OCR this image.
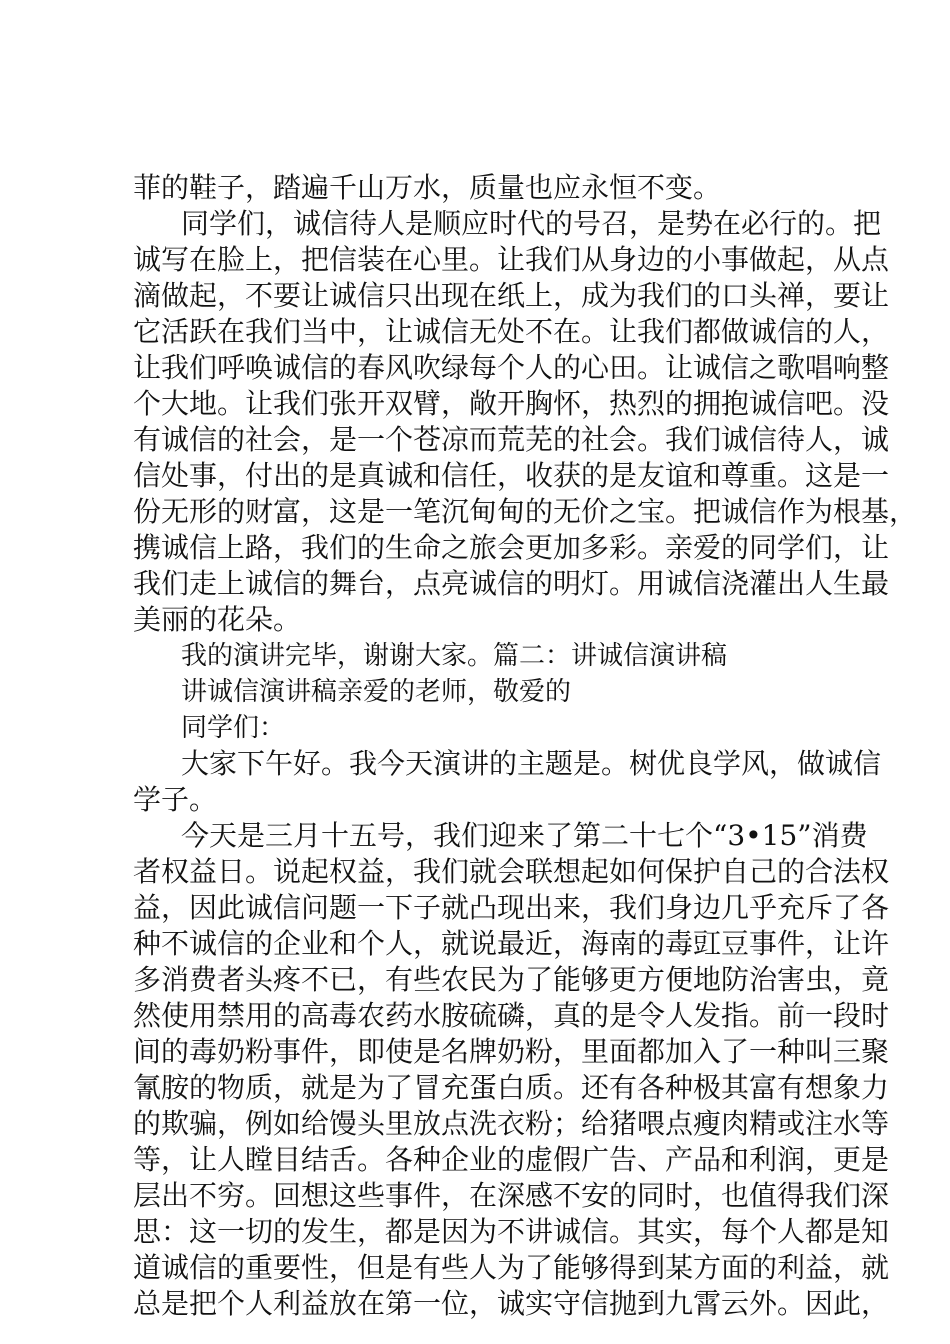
菲的鞋子，踏遍千山万水，质量也应永恒不变。
同学们，诚信待人是顺应时代的号召，是势在必行的。把
诚写在脸上，把信装在心里。让我们从身边的小事做起，从点
滴做起，不要让诚信只出现在纸上，成为我们的口头禅，要让
它活跃在我们当中，让诚信无处不在。让我们都做诚信的人，
让我们呼唤诚信的春风吹绿每个人的心田。让诚信之歌唱响整
个大地。让我们张开双臂，敞开胸怀，热烈的拥抱诚信吧。没
有诚信的社会，是一个苍凉而荒芜的社会。我们诚信待人，诚
信处事，付出的是真诚和信任，收获的是友谊和尊重。这是一
份无形的财富，这是一笔沉甸甸的无价之宝。把诚信作为根基，
携诚信上路，我们的生命之旅会更加多彩。亲爱的同学们，让
我们走上诚信的舞台，点亮诚信的明灯。用诚信浇灌出人生最
美丽的花朵。
我的演讲完毕，谢谢大家。篇二：讲诚信演讲稿
讲诚信演讲稿亲爱的老师，敬爱的
同学们：
大家下午好。我今天演讲的主题是。树优良学风，做诚信
学子。
今天是三月十五号，我们迎来了第二十七个“3•15”消费
者权益日。说起权益，我们就会联想起如何保护自己的合法权
益，因此诚信问题一下子就凸现出来，我们身边几乎充斥了各
种不诚信的企业和个人，就说最近，海南的毒豇豆事件，让许
多消费者头疼不已，有些农民为了能够更方便地防治害虫，竟
然使用禁用的高毒农药水胺硫磷，真的是令人发指。前一段时
间的毒奶粉事件，即使是名牌奶粉，里面都加入了一种叫三聚
氰胺的物质，就是为了冒充蛋白质。还有各种极其富有想象力
的欺骗，例如给馒头里放点洗衣粉；给猪喂点瘦肉精或注水等
等，让人瞠目结舌。各种企业的虚假广告、产品和利润，更是
层出不穷。回想这些事件，在深感不安的同时，也值得我们深
思：这一切的发生，都是因为不讲诚信。其实，每个人都是知
道诚信的重要性，但是有些人为了能够得到某方面的利益，就
总是把个人利益放在第一位，诚实守信抛到九霄云外。因此，
